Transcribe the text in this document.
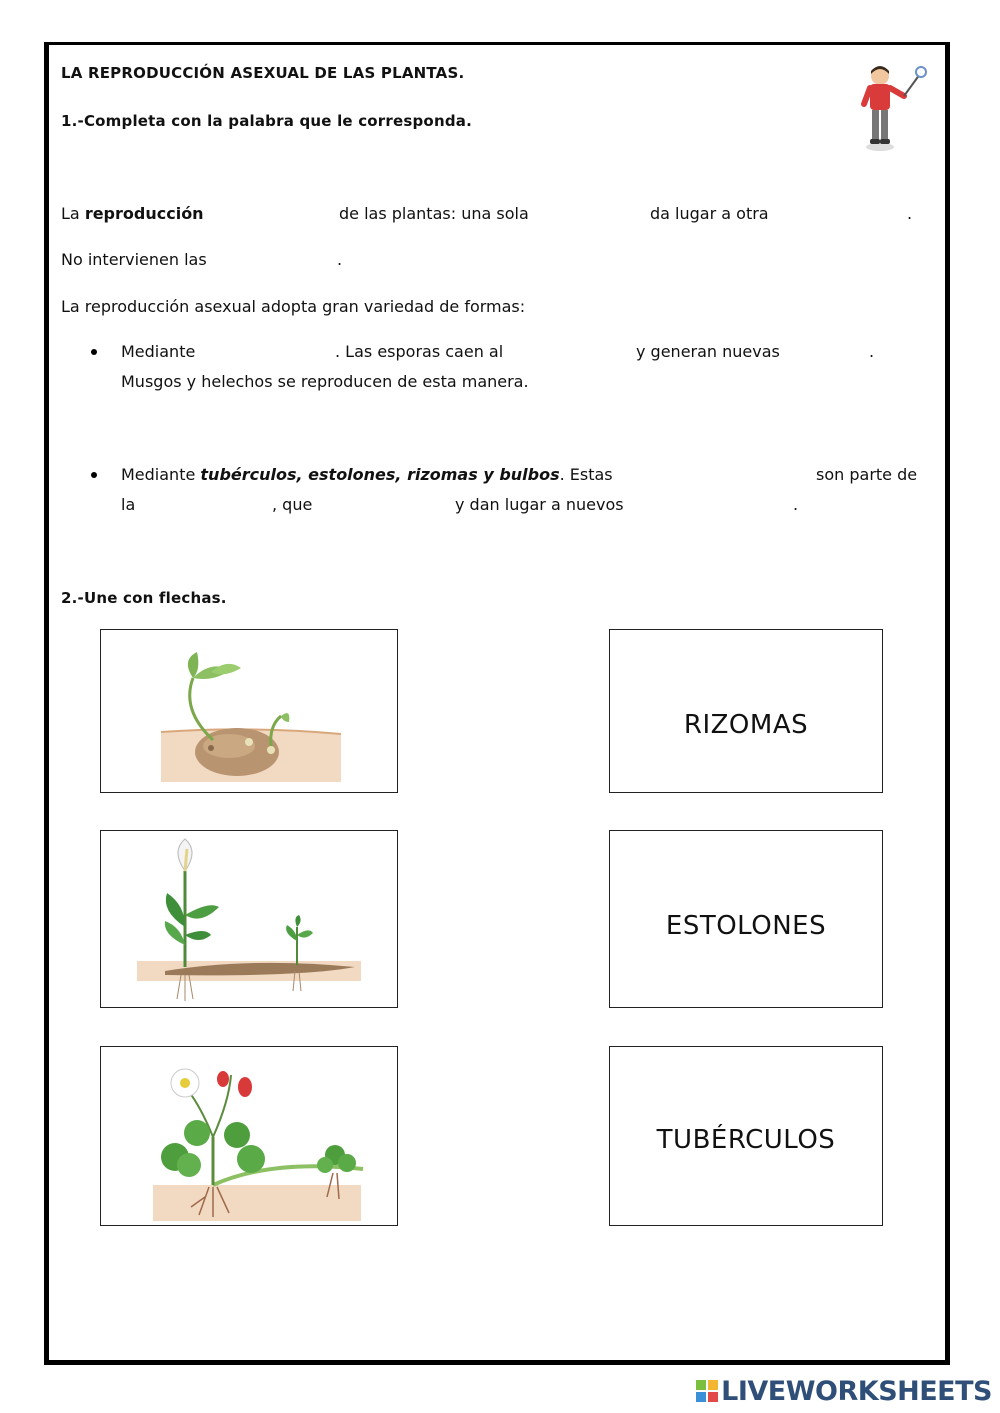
LA REPRODUCCIÓN ASEXUAL DE LAS PLANTAS.
1.-Completa con la palabra que le corresponda.
La reproducción	de las plantas: una sola	da lugar a otra	.
No intervienen las	.
La reproducción asexual adopta gran variedad de formas:
Mediante	. Las esporas caen al	y generan nuevas	.
Musgos y helechos se reproducen de esta manera.
Mediante tubérculos, estolones, rizomas y bulbos. Estas	son parte de
la	, que	y dan lugar a nuevos	.
2.-Une con flechas.
RIZOMAS
ESTOLONES
TUBÉRCULOS
LIVEWORKSHEETS
